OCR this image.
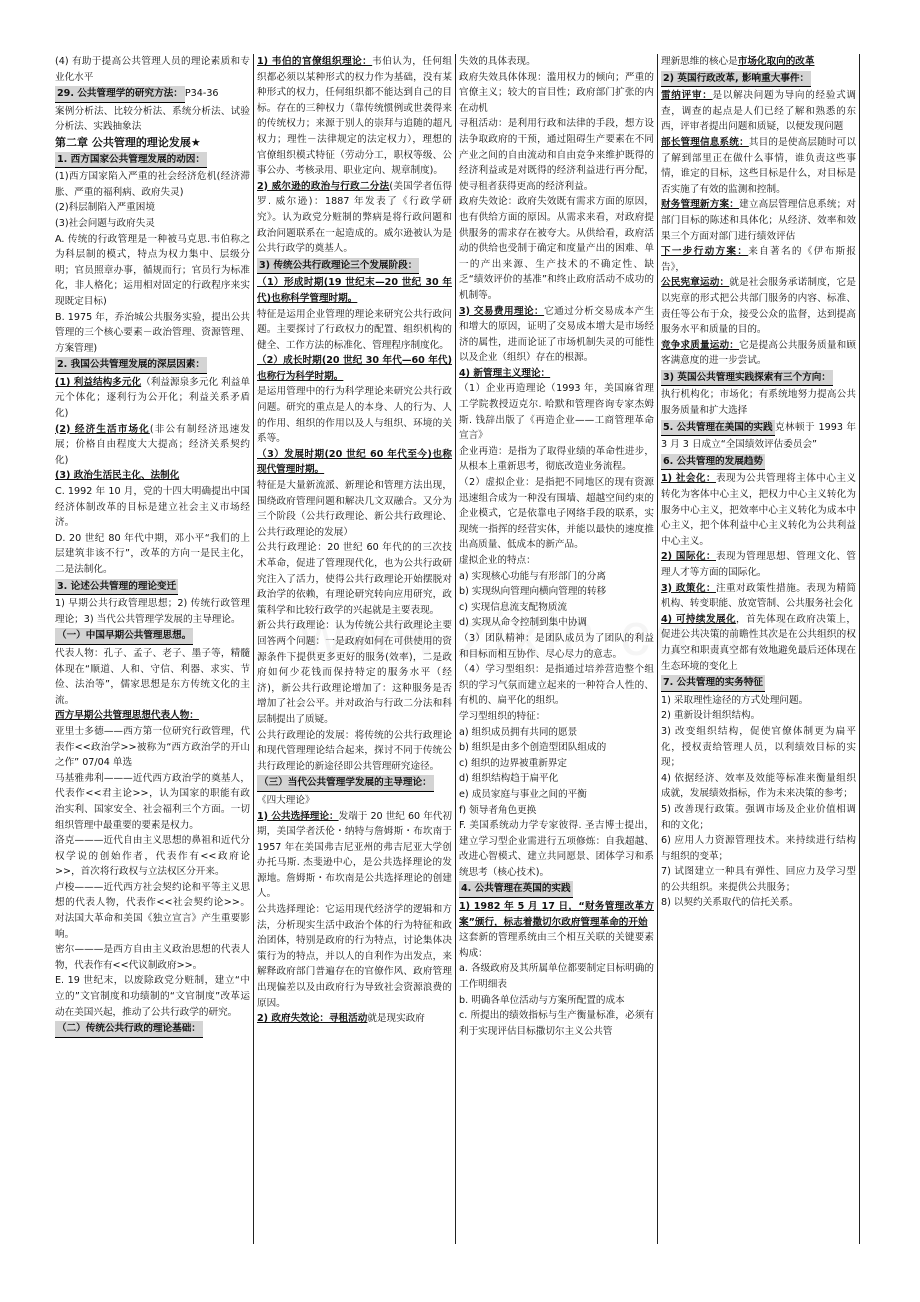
(4) 有助于提高公共管理人员的理论素质和专业化水平

29. 公共管理学的研究方法： P34-36

案例分析法、比较分析法、系统分析法、试验分析法、实践抽象法

第二章 公共管理的理论发展★

1. 西方国家公共管理发展的动因：

(1)西方国家陷入严重的社会经济危机(经济滞胀、严重的福利病、政府失灵)

(2)科层制陷入严重困境

(3)社会问题与政府失灵

A. 传统的行政管理是一种被马克思.韦伯称之为科层制的模式，特点为权力集中、层级分明；官员照章办事，循规而行；官员行为标准化，非人格化；运用相对固定的行政程序来实现既定目标)

B. 1975 年，乔治城公共服务实验，提出公共管理的三个核心要素－政治管理、资源管理、方案管理)

2. 我国公共管理发展的深层因素：

(1) 利益结构多元化（利益源泉多元化 利益单元个体化；逐利行为公开化；利益关系矛盾化)

(2) 经济生活市场化(非公有制经济迅速发展；价格自由程度大大提高；经济关系契约化)

(3) 政治生活民主化、法制化

C. 1992 年 10 月，党的十四大明确提出中国经济体制改革的目标是建立社会主义市场经济。

D. 20 世纪 80 年代中期，邓小平“我们的上层建筑非该不行”，改革的方向一是民主化，二是法制化。

3. 论述公共管理的理论变迁

1) 早期公共行政管理思想；2) 传统行政管理理论；3) 当代公共管理学发展的主导理论。

（一）中国早期公共管理思想。

代表人物：孔子、孟子、老子、墨子等，精髓体现在“顺道、人和、守信、利器、求实、节俭、法治等”，儒家思想是东方传统文化的主流。

西方早期公共管理思想代表人物：

亚里士多德——西方第一位研究行政管理，代表作<<政治学>>被称为“西方政治学的开山之作” 07/04 单选

马基雅弗利———近代西方政治学的奠基人，代表作<<君主论>>，认为国家的职能有政治实利、国家安全、社会福利三个方面。一切组织管理中最重要的要素是权力。

洛克———近代自由主义思想的鼻祖和近代分权学说的创始作者，代表作有<<政府论>>，首次将行政权与立法权区分开来。

卢梭———近代西方社会契约论和平等主义思想的代表人物，代表作<<社会契约论>>。对法国大革命和美国《独立宣言》产生重要影响。

密尔———是西方自由主义政治思想的代表人物，代表作有<<代议制政府>>。

E. 19 世纪末，以废除政党分赃制，建立“中立的”文官制度和功绩制的“文官制度”改革运动在美国兴起，推动了公共行政学的研究。

（二）传统公共行政的理论基础：

1) 韦伯的官僚组织理论：韦伯认为，任何组织都必须以某种形式的权力作为基础，没有某种形式的权力，任何组织都不能达到自己的目标。存在的三种权力（靠传统惯例或世袭得来的传统权力；来源于别人的崇拜与追随的超凡权力；理性－法律规定的法定权力），理想的官僚组织模式特征（劳动分工，职权等级、公事公办、考核录用、职业定向、规章制度)。

2) 威尔逊的政治与行政二分法(美国学者伍得罗. 威尔逊)：1887 年发表了《行政学研究》。认为政党分赃制的弊病是将行政问题和政治问题联系在一起造成的。威尔逊被认为是公共行政学的奠基人。

3) 传统公共行政理论三个发展阶段：

（1）形成时期(19 世纪末—20 世纪 30 年代)也称科学管理时期。

特征是运用企业管理的理论来研究公共行政问题。主要探讨了行政权力的配置、组织机构的健全、工作方法的标准化、管理程序制度化。

（2）成长时期(20 世纪 30 年代—60 年代)也称行为科学时期。

是运用管理中的行为科学理论来研究公共行政问题。研究的重点是人的本身、人的行为、人的作用、组织的作用以及人与组织、环境的关系等。

（3）发展时期(20 世纪 60 年代至今)也称现代管理时期。

特征是大量新流派、新理论和管理方法出现，围绕政府管理问题和解决几文双融合。又分为三个阶段（公共行政理论、新公共行政理论、公共行政理论的发展）

公共行政理论：20 世纪 60 年代的的三次技术革命，促进了管理现代化，也为公共行政研究注入了活力，使得公共行政理论开始摆脱对政治学的依赖，有理论研究转向应用研究，政策科学和比较行政学的兴起就是主要表现。

新公共行政理论：认为传统公共行政理论主要回答两个问题：一是政府如何在可供使用的资源条件下提供更多更好的服务(效率)，二是政府如何少花钱而保持特定的服务水平（经济)，新公共行政理论增加了：这种服务是否增加了社会公平。并对政治与行政二分法和科层制提出了质疑。

公共行政理论的发展：将传统的公共行政理论和现代管理理论结合起来，探讨不同于传统公共行政理论的新途径即公共管理研究途径。

（三）当代公共管理学发展的主导理论：

《四大理论》

1) 公共选择理论：发端于 20 世纪 60 年代初期，美国学者沃伦・纳特与詹姆斯・布坎南于 1957 年在美国弗吉尼亚州的弗吉尼亚大学创办托马斯. 杰斐逊中心，是公共选择理论的发源地。詹姆斯・布坎南是公共选择理论的创建人。

公共选择理论：它运用现代经济学的逻辑和方法，分析现实生活中政治个体的行为特征和政治团体，特别是政府的行为特点，讨论集体决策行为的特点，并以人的自利作为出发点，来解释政府部门普遍存在的官僚作风、政府管理出现偏差以及由政府行为导致社会资源浪费的原因。

2) 政府失效论：寻租活动就是现实政府

失效的具体表现。

政府失效具体体现：滥用权力的倾向；严重的官僚主义；较大的盲目性；政府部门扩张的内在动机

寻租活动：是利用行政和法律的手段，想方设法争取政府的干预，通过阻碍生产要素在不同产业之间的自由流动和自由竞争来维护既得的经济利益或是对既得的经济利益进行再分配，使寻租者获得更高的经济利益。

政府失效论：政府失效既有需求方面的原因，也有供给方面的原因。从需求来看，对政府提供服务的需求存在被夸大。从供给看，政府活动的供给也受制于确定和度量产出的困难、单一的产出来源、生产技术的不确定性、缺乏“绩效评价的基准”和终止政府活动不成功的机制等。

3) 交易费用理论：它通过分析交易成本产生和增大的原因，证明了交易成本增大是市场经济的属性，进而论证了市场机制失灵的可能性以及企业（组织）存在的根源。

4) 新管理主义理论：

（1）企业再造理论（1993 年，美国麻省理工学院教授迈克尔. 哈默和管理咨询专家杰姆斯. 钱辞出版了《再造企业——工商管理革命宣言》

企业再造：是指为了取得业绩的革命性进步，从根本上重新思考，彻底改造业务流程。

（2）虚拟企业：是指把不同地区的现有资源迅速组合成为一种没有围墙、超越空间约束的企业模式，它是依靠电子网络手段的联系，实现统一指挥的经营实体，并能以最快的速度推出高质量、低成本的新产品。

虚拟企业的特点：

a) 实现核心功能与有形部门的分离

b) 实现纵向管理向横向管理的转移

c) 实现信息流支配物质流

d) 实现从命令控制到集中协调

（3）团队精神：是团队成员为了团队的利益和目标而相互协作、尽心尽力的意志。

（4）学习型组织：是指通过培养营造整个组织的学习气氛而建立起来的一种符合人性的、有机的、扁平化的组织。

学习型组织的特征：

a) 组织成员拥有共同的愿景

b) 组织是由多个创造型团队组成的

c) 组织的边界被重新界定

d) 组织结构趋于扁平化

e) 成员家庭与事业之间的平衡

f) 领导者角色更换

F. 美国系统动力学专家彼得. 圣吉博士提出，建立学习型企业需进行五项修炼：自我超越、改进心智模式、建立共同愿景、团体学习和系统思考（核心技术)。

4. 公共管理在英国的实践

1) 1982 年 5 月 17 日，“财务管理改革方案”颁行，标志着撒切尔政府管理革命的开始

这套新的管理系统由三个相互关联的关键要素构成：

a. 各级政府及其所属单位都要制定目标明确的工作明细表

b. 明确各单位活动与方案所配置的成本

c. 所提出的绩效指标与生产衡量标准，必须有利于实现评估目标撒切尔主义公共管

理新思维的核心是市场化取向的改革

2) 英国行政改革, 影响重大事件：

雷纳评审：是以解决问题为导向的经验式调查，调查的起点是人们已经了解和熟悉的东西，评审者提出问题和质疑，以便发现问题

部长管理信息系统：其目的是使高层随时可以了解到部里正在做什么事情，谁负责这些事情，谁定的目标，这些目标是什么，对目标是否实施了有效的监测和控制。

财务管理新方案：建立高层管理信息系统；对部门目标的陈述和具体化；从经济、效率和效果三个方面对部门进行绩效评估

下一步行动方案：来自著名的《伊布斯报告》，

公民宪章运动：就是社会服务承诺制度，它是以宪章的形式把公共部门服务的内容、标准、责任等公布于众，接受公众的监督，达到提高服务水平和质量的目的。

竞争求质量运动：它是提高公共服务质量和顾客满意度的进一步尝试。

3) 英国公共管理实践探索有三个方向：

执行机构化；市场化；有系统地努力提高公共服务质量和扩大选择

5. 公共管理在美国的实践 克林顿于 1993 年 3 月 3 日成立“全国绩效评估委员会”

6. 公共管理的发展趋势

1) 社会化：表现为公共管理将主体中心主义转化为客体中心主义，把权力中心主义转化为服务中心主义，把效率中心主义转化为成本中心主义，把个体利益中心主义转化为公共利益中心主义。

2) 国际化：表现为管理思想、管理文化、管理人才等方面的国际化。

3) 政策化：注重对政策性措施。表现为精简机构、转变职能、放宽管制、公共服务社会化

4) 可持续发展化，首先体现在政府决策上，促进公共决策的前瞻性其次是在公共组织的权力真空和职责真空都有效地避免最后还体现在生态环境的变化上

7. 公共管理的实务特征

1) 采取理性途径的方式处理问题。

2) 重新设计组织结构。

3) 改变组织结构，促使官僚体制更为扁平化，授权责给管理人员，以利绩效目标的实现；

4) 依据经济、效率及效能等标准来衡量组织成就，发展绩效指标，作为未来决策的参考；

5) 改善现行政策。强调市场及企业价值相调和的文化；

6) 应用人力资源管理技术。来持续进行结构与组织的变革；

7) 试图建立一种具有弹性、回应力及学习型的公共组织。来提供公共服务；

8) 以契约关系取代的信托关系。
